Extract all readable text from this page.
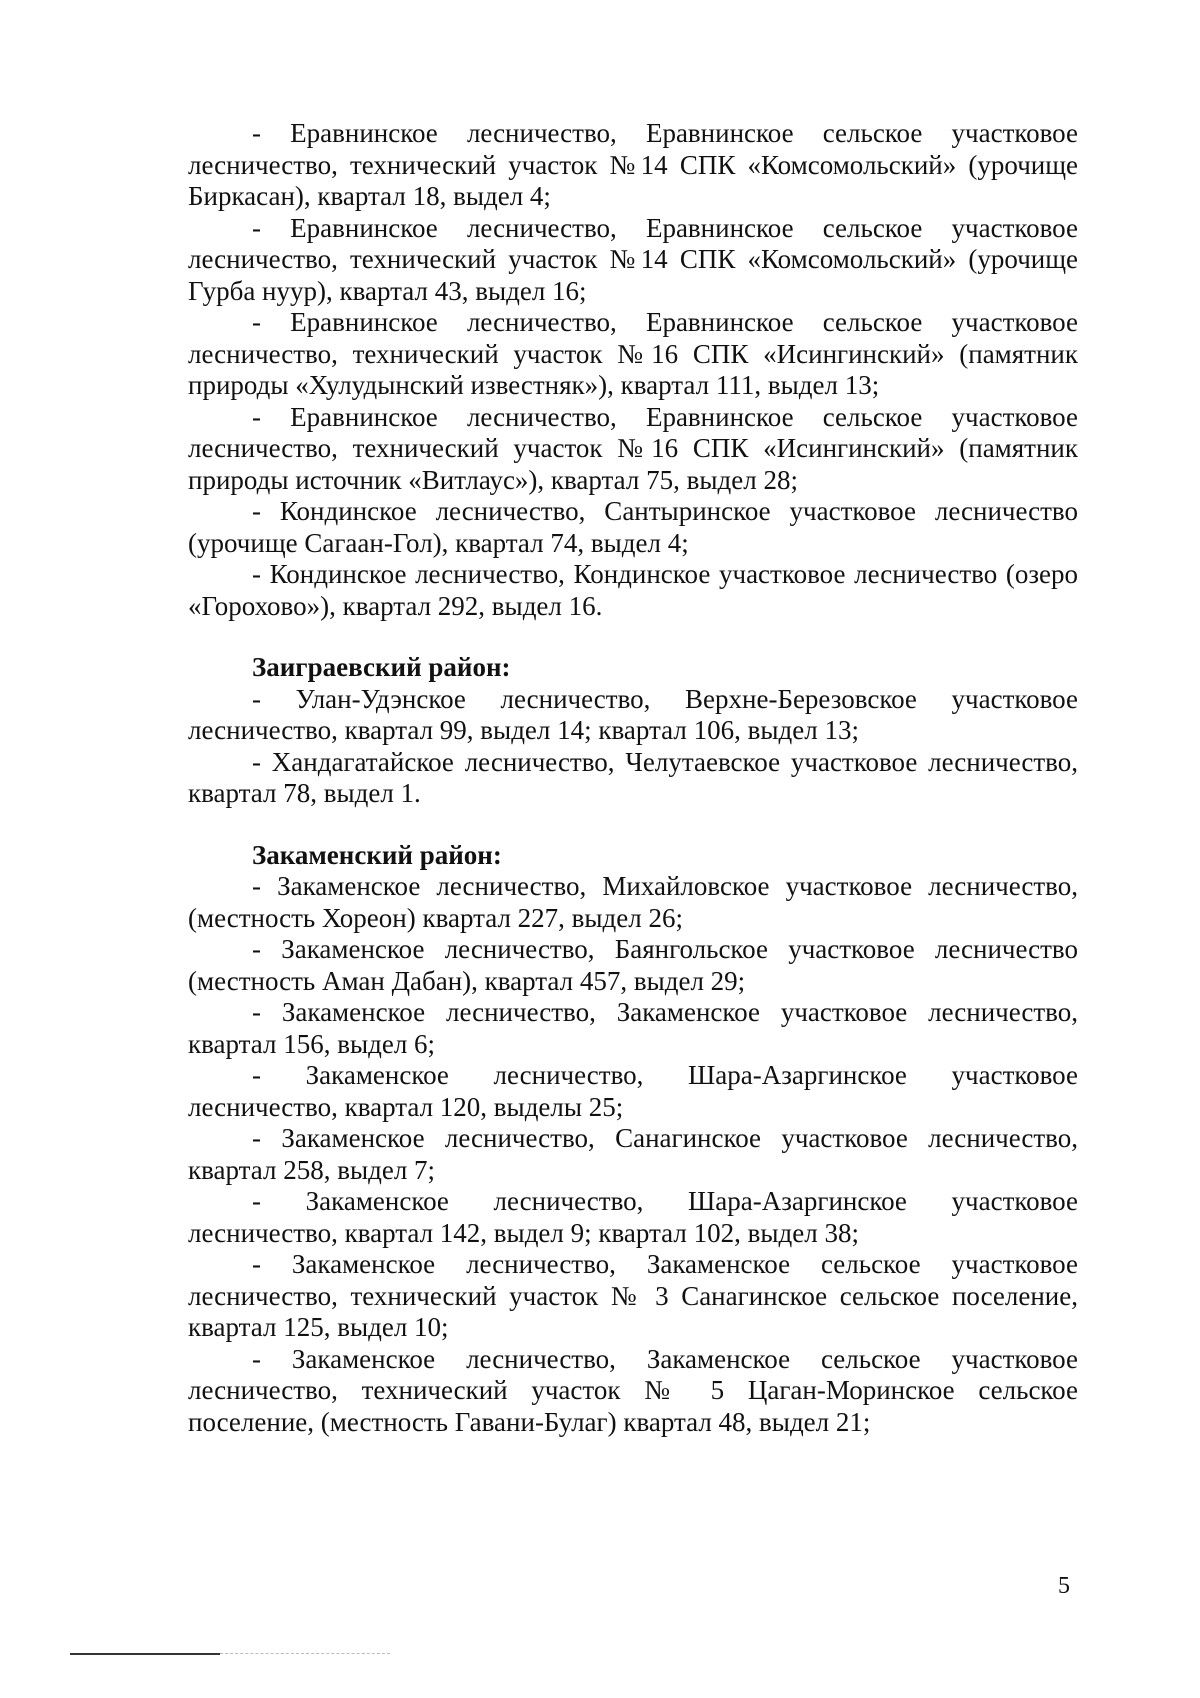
- Еравнинское лесничество, Еравнинское сельское участковое лесничество, технический участок №14 СПК «Комсомольский» (урочище Биркасан), квартал 18, выдел 4;

- Еравнинское лесничество, Еравнинское сельское участковое лесничество, технический участок №14 СПК «Комсомольский» (урочище Гурба нуур), квартал 43, выдел 16;

- Еравнинское лесничество, Еравнинское сельское участковое лесничество, технический участок №16 СПК «Исингинский» (памятник природы «Хулудынский известняк»), квартал 111, выдел 13;

- Еравнинское лесничество, Еравнинское сельское участковое лесничество, технический участок №16 СПК «Исингинский» (памятник природы источник «Витлаус»), квартал 75, выдел 28;

- Кондинское лесничество, Сантыринское участковое лесничество (урочище Сагаан-Гол), квартал 74, выдел 4;

- Кондинское лесничество, Кондинское участковое лесничество (озеро «Горохово»), квартал 292, выдел 16.

Заиграевский район:

- Улан-Удэнское лесничество, Верхне-Березовское участковое лесничество, квартал 99, выдел 14; квартал 106, выдел 13;

- Хандагатайское лесничество, Челутаевское участковое лесничество, квартал 78, выдел 1.

Закаменский район:

- Закаменское лесничество, Михайловское участковое лесничество, (местность Хореон) квартал 227, выдел 26;

- Закаменское лесничество, Баянгольское участковое лесничество (местность Аман Дабан), квартал 457, выдел 29;

- Закаменское лесничество, Закаменское участковое лесничество, квартал 156, выдел 6;

- Закаменское лесничество, Шара-Азаргинское участковое лесничество, квартал 120, выделы 25;

- Закаменское лесничество, Санагинское участковое лесничество, квартал 258, выдел 7;

- Закаменское лесничество, Шара-Азаргинское участковое лесничество, квартал 142, выдел 9; квартал 102, выдел 38;

- Закаменское лесничество, Закаменское сельское участковое лесничество, технический участок № 3 Санагинское сельское поселение, квартал 125, выдел 10;

- Закаменское лесничество, Закаменское сельское участковое лесничество, технический участок № 5 Цаган-Моринское сельское поселение, (местность Гавани-Булаг) квартал 48, выдел 21;

5
